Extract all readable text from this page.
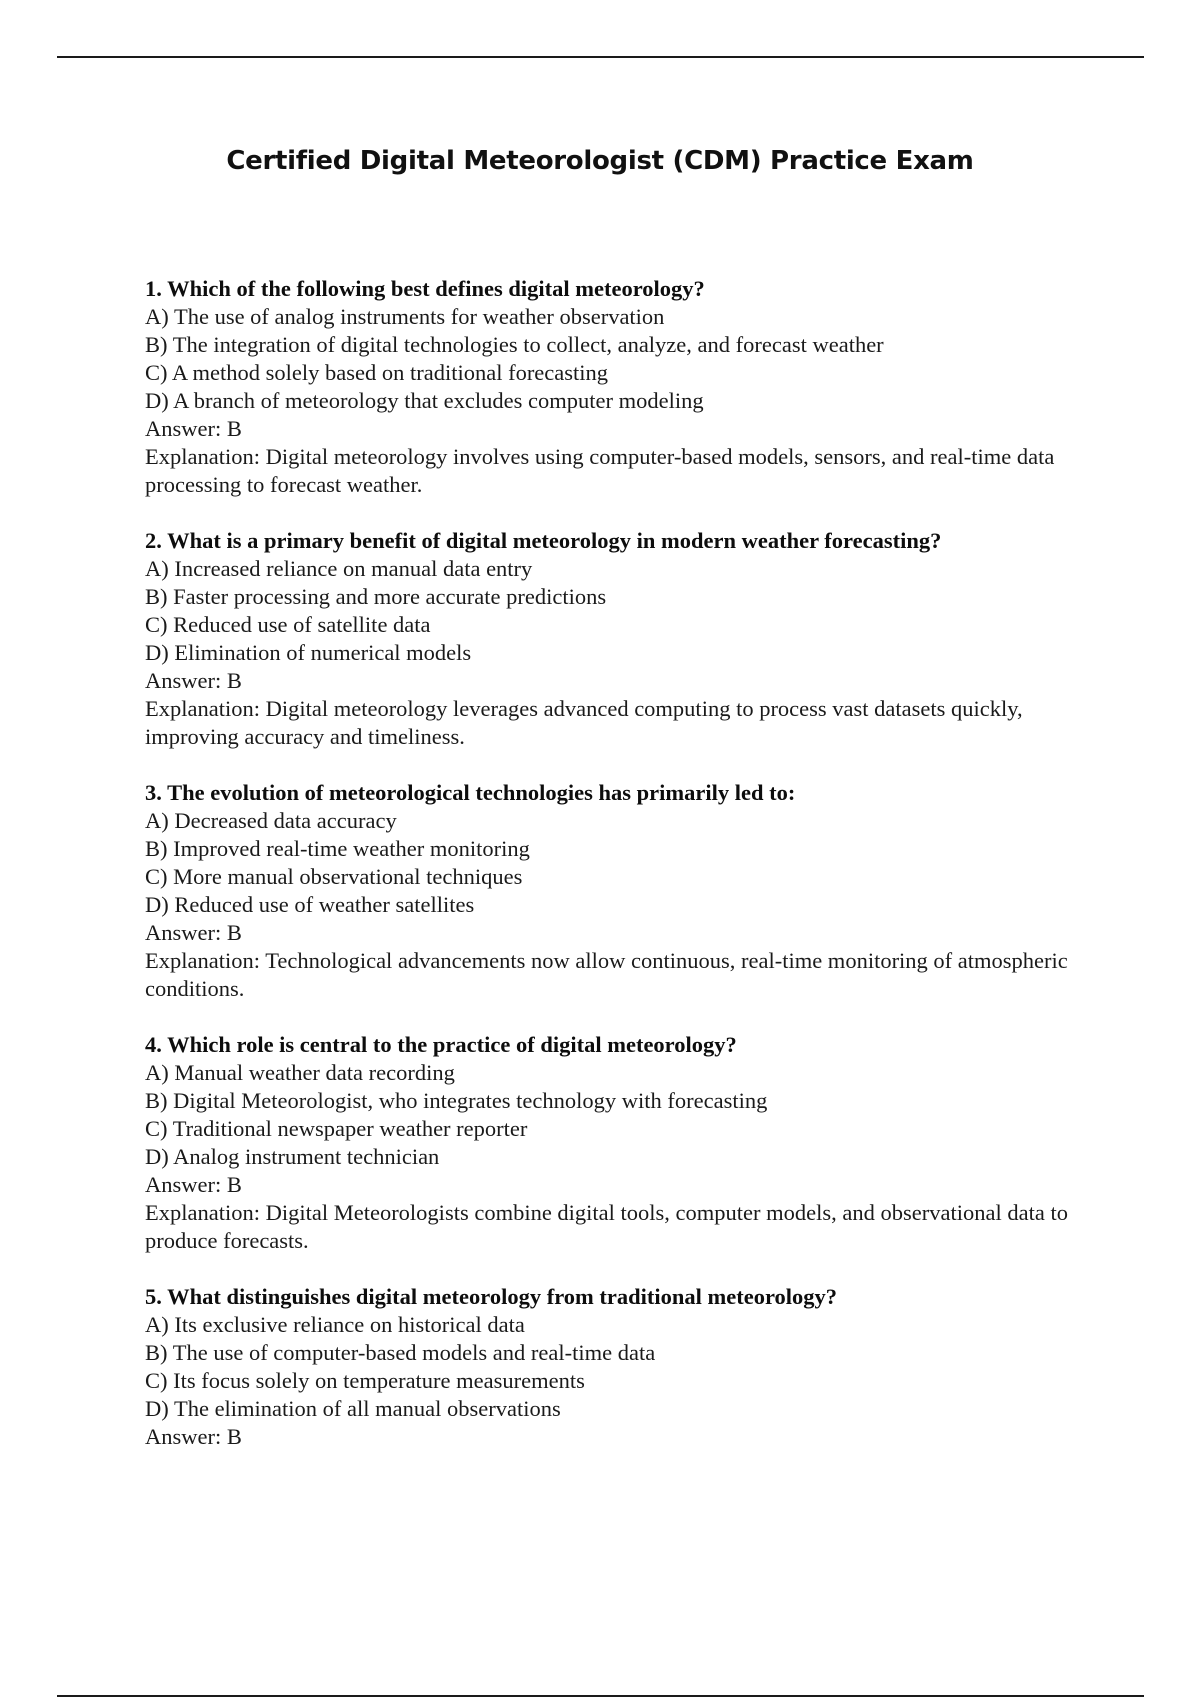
Certified Digital Meteorologist (CDM) Practice Exam
1. Which of the following best defines digital meteorology?
A) The use of analog instruments for weather observation
B) The integration of digital technologies to collect, analyze, and forecast weather
C) A method solely based on traditional forecasting
D) A branch of meteorology that excludes computer modeling
Answer: B
Explanation: Digital meteorology involves using computer-based models, sensors, and real-time data processing to forecast weather.
2. What is a primary benefit of digital meteorology in modern weather forecasting?
A) Increased reliance on manual data entry
B) Faster processing and more accurate predictions
C) Reduced use of satellite data
D) Elimination of numerical models
Answer: B
Explanation: Digital meteorology leverages advanced computing to process vast datasets quickly, improving accuracy and timeliness.
3. The evolution of meteorological technologies has primarily led to:
A) Decreased data accuracy
B) Improved real-time weather monitoring
C) More manual observational techniques
D) Reduced use of weather satellites
Answer: B
Explanation: Technological advancements now allow continuous, real-time monitoring of atmospheric conditions.
4. Which role is central to the practice of digital meteorology?
A) Manual weather data recording
B) Digital Meteorologist, who integrates technology with forecasting
C) Traditional newspaper weather reporter
D) Analog instrument technician
Answer: B
Explanation: Digital Meteorologists combine digital tools, computer models, and observational data to produce forecasts.
5. What distinguishes digital meteorology from traditional meteorology?
A) Its exclusive reliance on historical data
B) The use of computer-based models and real-time data
C) Its focus solely on temperature measurements
D) The elimination of all manual observations
Answer: B
